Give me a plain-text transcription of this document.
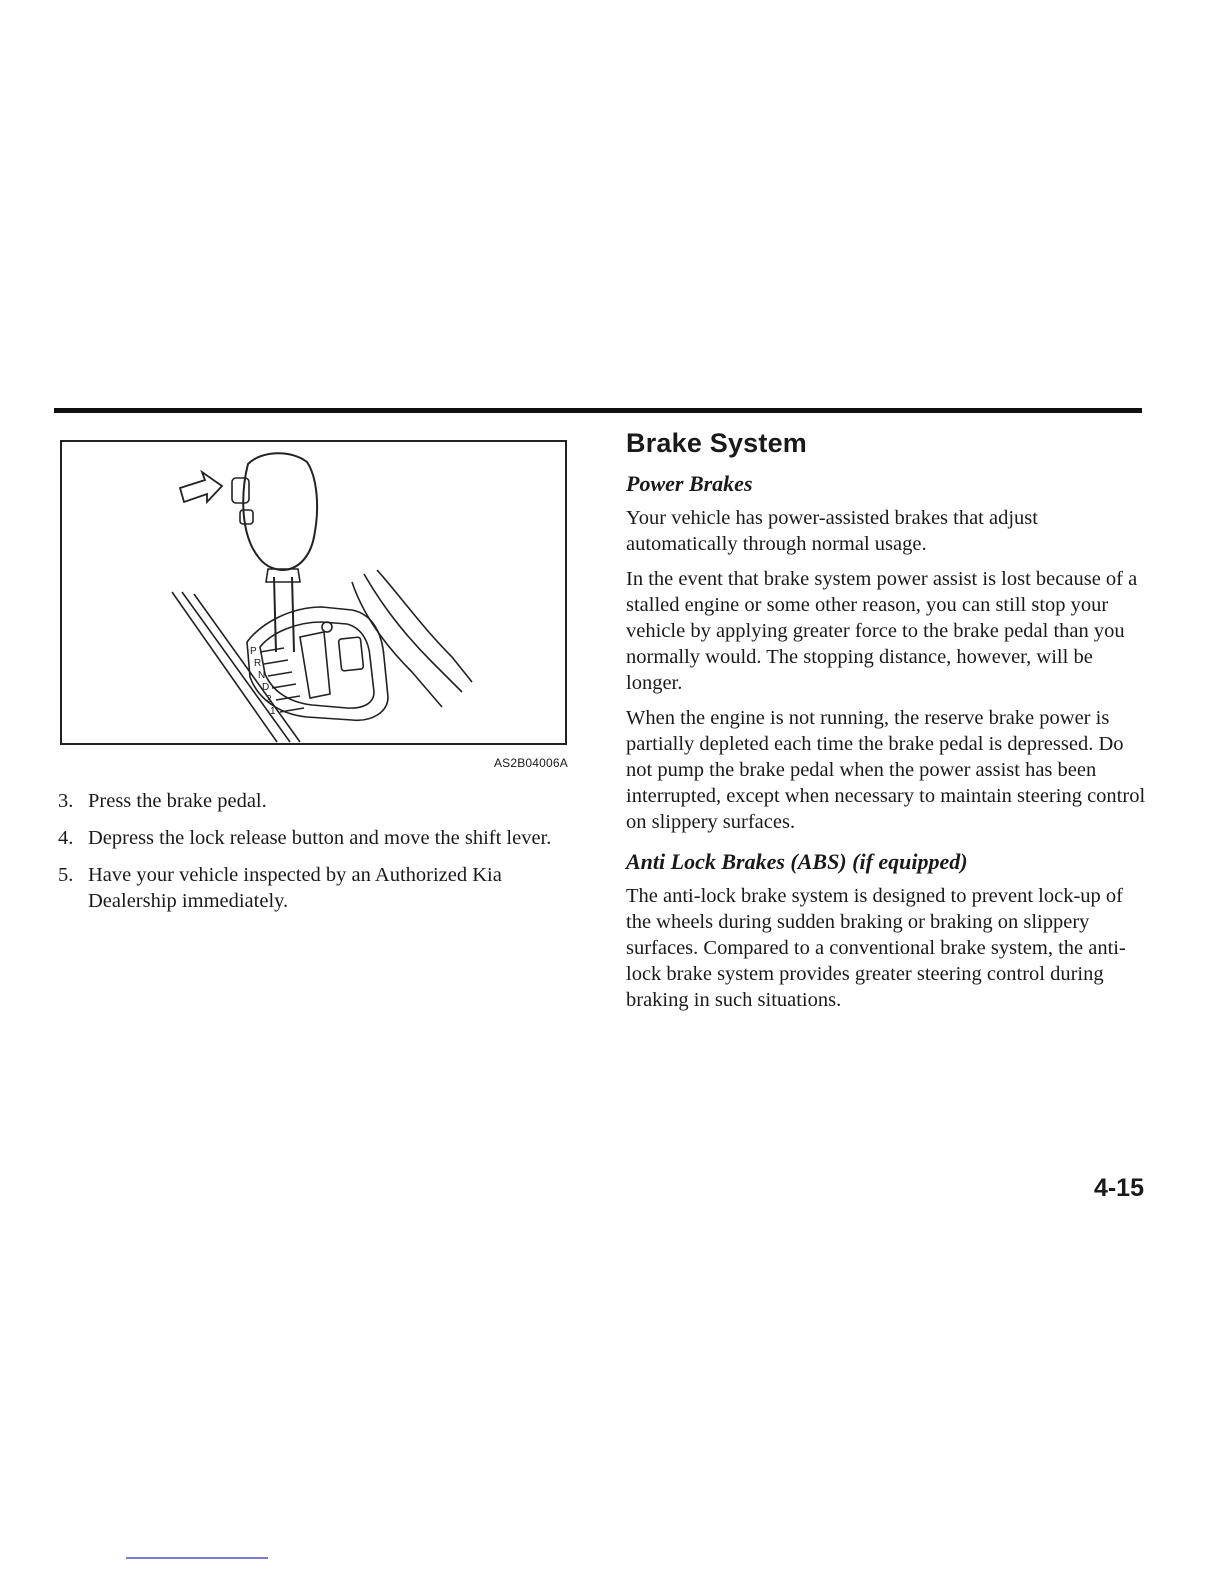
P
R
N
D
2
1
AS2B04006A
3. Press the brake pedal.
4. Depress the lock release button and move the shift lever.
5. Have your vehicle inspected by an Authorized Kia Dealership immediately.
Brake System
Power Brakes

Your vehicle has power-assisted brakes that adjust automatically through normal usage.

In the event that brake system power assist is lost because of a stalled engine or some other reason, you can still stop your vehicle by applying greater force to the brake pedal than you normally would. The stopping distance, however, will be longer.

When the engine is not running, the reserve brake power is partially depleted each time the brake pedal is depressed. Do not pump the brake pedal when the power assist has been interrupted, except when necessary to maintain steering control on slippery surfaces.

Anti Lock Brakes (ABS) (if equipped)

The anti-lock brake system is designed to prevent lock-up of the wheels during sudden braking or braking on slippery surfaces. Compared to a conventional brake system, the anti-lock brake system provides greater steering control during braking in such situations.

4-15
